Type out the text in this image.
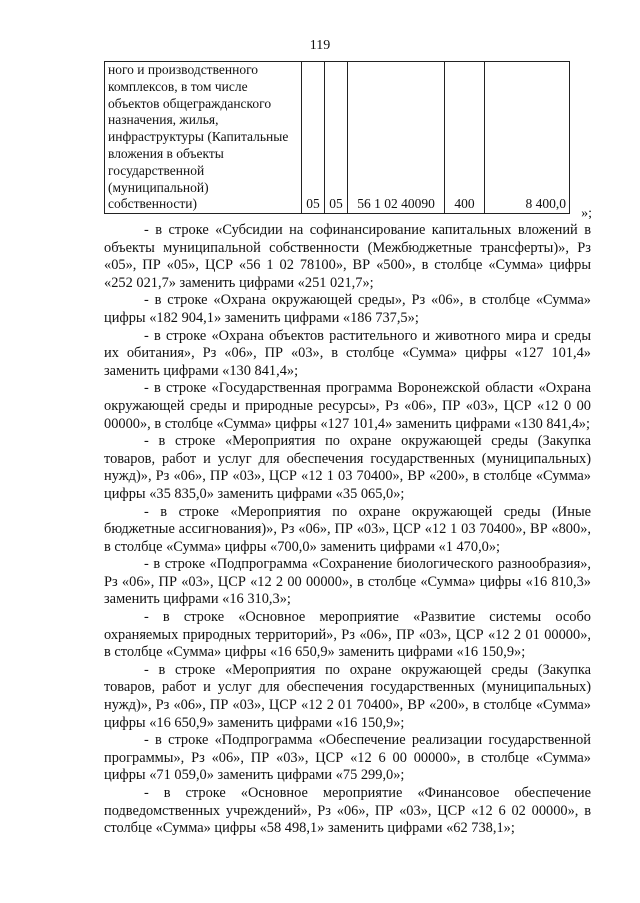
119
ного и производственного комплексов, в том числе объектов общегражданского назначения, жилья, инфраструктуры (Капитальные вложения в объекты государственной (муниципальной) собственности)	05	05	56 1 02 40090	400	8 400,0
»;

- в строке «Субсидии на софинансирование капитальных вложений в объекты муниципальной собственности (Межбюджетные трансферты)», Рз «05», ПР «05», ЦСР «56 1 02 78100», ВР «500», в столбце «Сумма» цифры «252 021,7» заменить цифрами «251 021,7»;

- в строке «Охрана окружающей среды», Рз «06», в столбце «Сумма» цифры «182 904,1» заменить цифрами «186 737,5»;

- в строке «Охрана объектов растительного и животного мира и среды их обитания», Рз «06», ПР «03», в столбце «Сумма» цифры «127 101,4» заменить цифрами «130 841,4»;

- в строке «Государственная программа Воронежской области «Охрана окружающей среды и природные ресурсы», Рз «06», ПР «03», ЦСР «12 0 00 00000», в столбце «Сумма» цифры «127 101,4» заменить цифрами «130 841,4»;

- в строке «Мероприятия по охране окружающей среды (Закупка товаров, работ и услуг для обеспечения государственных (муниципальных) нужд)», Рз «06», ПР «03», ЦСР «12 1 03 70400», ВР «200», в столбце «Сумма» цифры «35 835,0» заменить цифрами «35 065,0»;

- в строке «Мероприятия по охране окружающей среды (Иные бюджетные ассигнования)», Рз «06», ПР «03», ЦСР «12 1 03 70400», ВР «800», в столбце «Сумма» цифры «700,0» заменить цифрами «1 470,0»;

- в строке «Подпрограмма «Сохранение биологического разнообразия», Рз «06», ПР «03», ЦСР «12 2 00 00000», в столбце «Сумма» цифры «16 810,3» заменить цифрами «16 310,3»;

- в строке «Основное мероприятие «Развитие системы особо охраняемых природных территорий», Рз «06», ПР «03», ЦСР «12 2 01 00000», в столбце «Сумма» цифры «16 650,9» заменить цифрами «16 150,9»;

- в строке «Мероприятия по охране окружающей среды (Закупка товаров, работ и услуг для обеспечения государственных (муниципальных) нужд)», Рз «06», ПР «03», ЦСР «12 2 01 70400», ВР «200», в столбце «Сумма» цифры «16 650,9» заменить цифрами «16 150,9»;

- в строке «Подпрограмма «Обеспечение реализации государственной программы», Рз «06», ПР «03», ЦСР «12 6 00 00000», в столбце «Сумма» цифры «71 059,0» заменить цифрами «75 299,0»;

- в строке «Основное мероприятие «Финансовое обеспечение подведомственных учреждений», Рз «06», ПР «03», ЦСР «12 6 02 00000», в столбце «Сумма» цифры «58 498,1» заменить цифрами «62 738,1»;
